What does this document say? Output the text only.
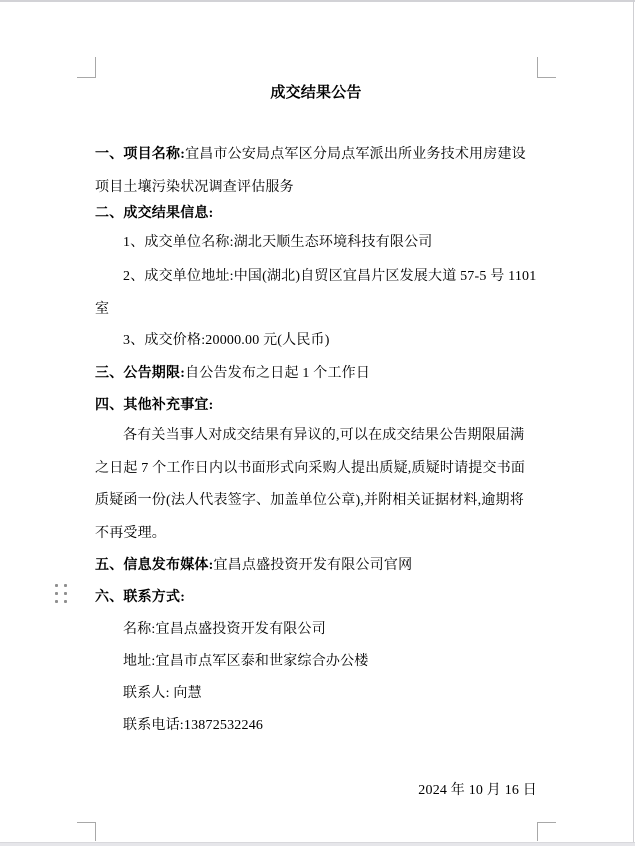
成交结果公告
一、项目名称:宜昌市公安局点军区分局点军派出所业务技术用房建设项目土壤污染状况调查评估服务
二、成交结果信息:
1、成交单位名称:湖北天顺生态环境科技有限公司
2、成交单位地址:中国(湖北)自贸区宜昌片区发展大道 57-5 号 1101 室
3、成交价格:20000.00 元(人民币)
三、公告期限:自公告发布之日起 1 个工作日
四、其他补充事宜:
各有关当事人对成交结果有异议的,可以在成交结果公告期限届满之日起 7 个工作日内以书面形式向采购人提出质疑,质疑时请提交书面质疑函一份(法人代表签字、加盖单位公章),并附相关证据材料,逾期将不再受理。
五、信息发布媒体:宜昌点盛投资开发有限公司官网
六、联系方式:
名称:宜昌点盛投资开发有限公司
地址:宜昌市点军区泰和世家综合办公楼
联系人: 向慧
联系电话:13872532246
2024 年 10 月 16 日
